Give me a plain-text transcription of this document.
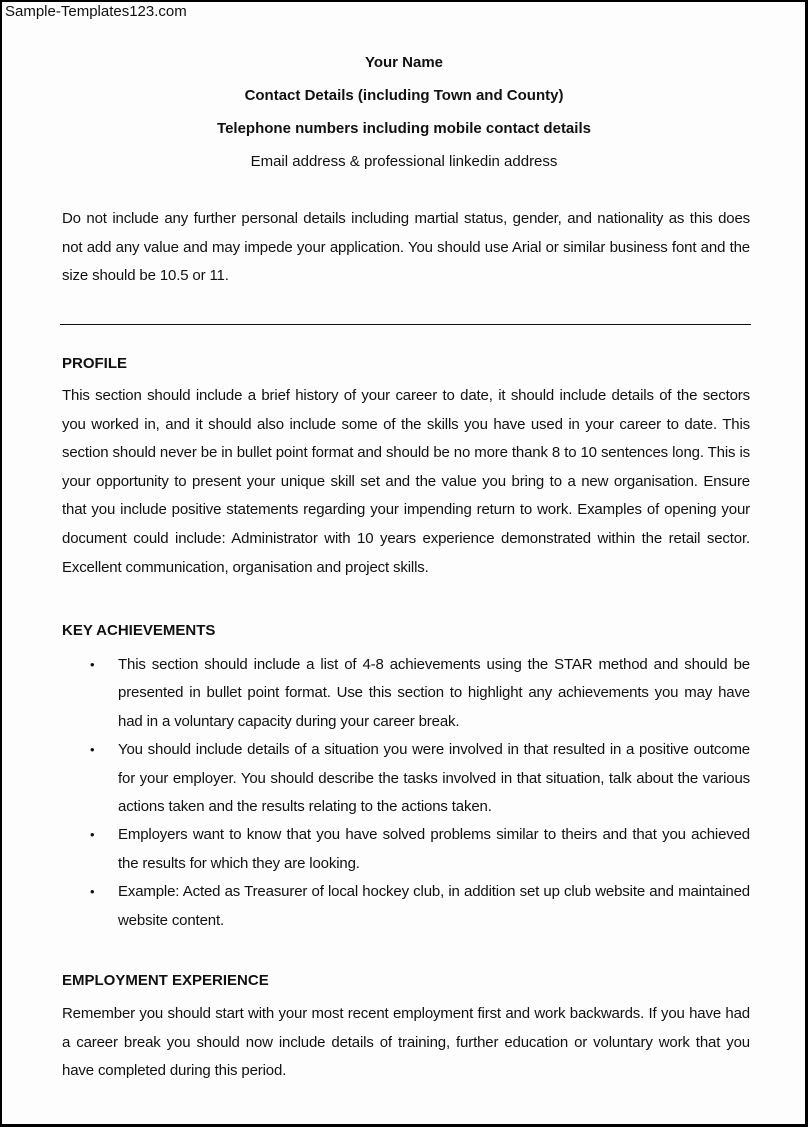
Sample-Templates123.com
Your Name
Contact Details (including Town and County)
Telephone numbers including mobile contact details
Email address & professional linkedin address
Do not include any further personal details including martial status, gender, and nationality as this does not add any value and may impede your application. You should use Arial or similar business font and the size should be 10.5 or 11.
PROFILE
This section should include a brief history of your career to date, it should include details of the sectors you worked in, and it should also include some of the skills you have used in your career to date. This section should never be in bullet point format and should be no more thank 8 to 10 sentences long. This is your opportunity to present your unique skill set and the value you bring to a new organisation. Ensure that you include positive statements regarding your impending return to work. Examples of opening your document could include: Administrator with 10 years experience demonstrated within the retail sector. Excellent communication, organisation and project skills.
KEY ACHIEVEMENTS
• This section should include a list of 4-8 achievements using the STAR method and should be presented in bullet point format. Use this section to highlight any achievements you may have had in a voluntary capacity during your career break.
• You should include details of a situation you were involved in that resulted in a positive outcome for your employer. You should describe the tasks involved in that situation, talk about the various actions taken and the results relating to the actions taken.
• Employers want to know that you have solved problems similar to theirs and that you achieved the results for which they are looking.
• Example: Acted as Treasurer of local hockey club, in addition set up club website and maintained website content.
EMPLOYMENT EXPERIENCE
Remember you should start with your most recent employment first and work backwards. If you have had a career break you should now include details of training, further education or voluntary work that you have completed during this period.
